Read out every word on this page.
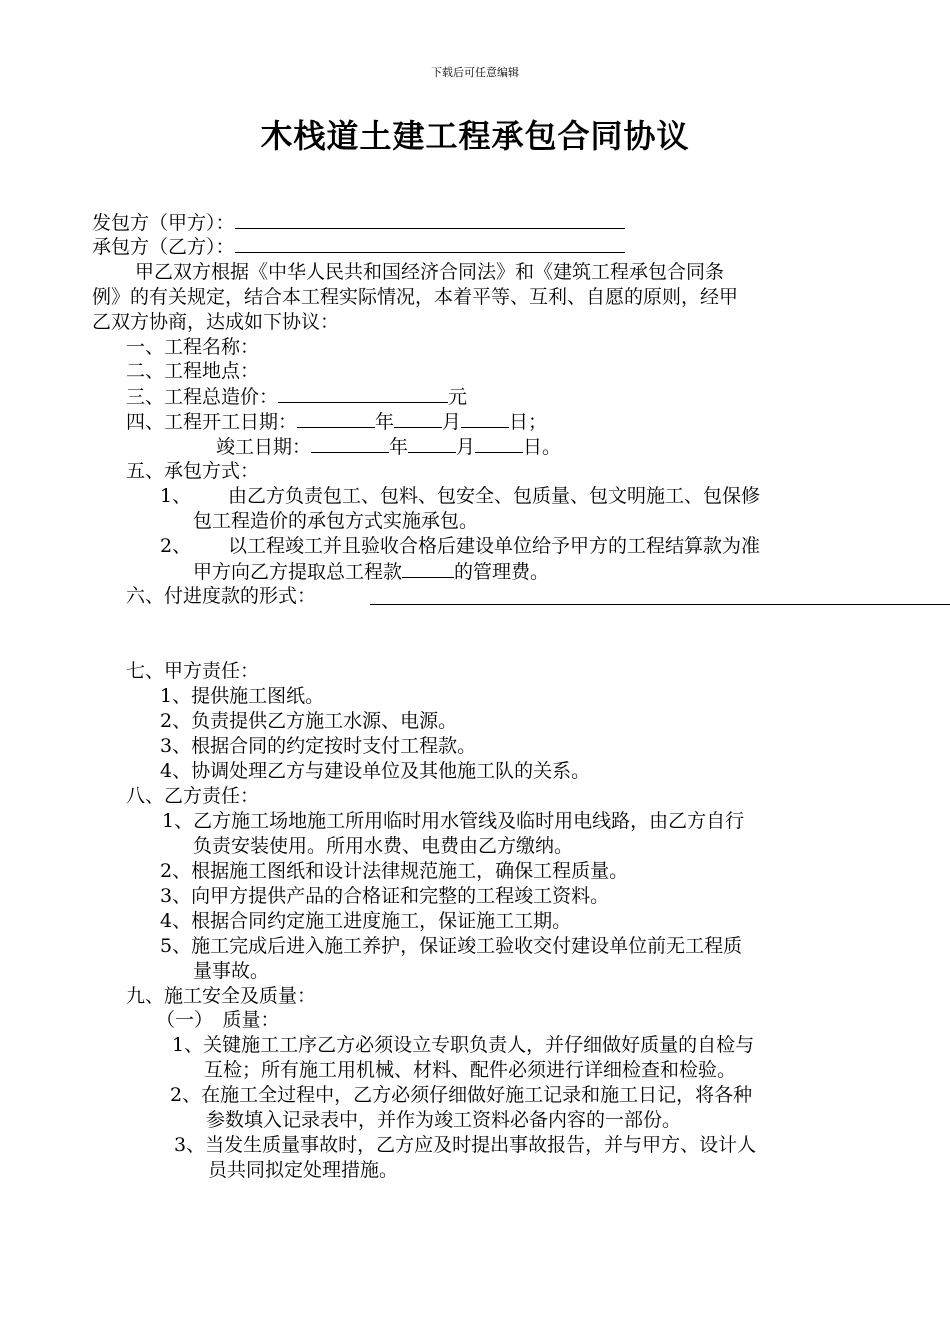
下载后可任意编辑
木栈道土建工程承包合同协议
发包方（甲方）：
承包方（乙方）：
甲乙双方根据《中华人民共和国经济合同法》和《建筑工程承包合同条
例》的有关规定，结合本工程实际情况，本着平等、互利、自愿的原则，经甲
乙双方协商，达成如下协议：
一、工程名称：
二、工程地点：
三、工程总造价：	元
四、工程开工日期：	年	月	日；
竣工日期：	年	月	日。
五、承包方式：
1、 由乙方负责包工、包料、包安全、包质量、包文明施工、包保修
包工程造价的承包方式实施承包。
2、 以工程竣工并且验收合格后建设单位给予甲方的工程结算款为准
甲方向乙方提取总工程款	的管理费。
六、付进度款的形式：
七、甲方责任：
1、提供施工图纸。
2、负责提供乙方施工水源、电源。
3、根据合同的约定按时支付工程款。
4、协调处理乙方与建设单位及其他施工队的关系。
八、乙方责任：
1、乙方施工场地施工所用临时用水管线及临时用电线路，由乙方自行
负责安装使用。所用水费、电费由乙方缴纳。
2、根据施工图纸和设计法律规范施工，确保工程质量。
3、向甲方提供产品的合格证和完整的工程竣工资料。
4、根据合同约定施工进度施工，保证施工工期。
5、施工完成后进入施工养护，保证竣工验收交付建设单位前无工程质
量事故。
九、施工安全及质量：
（一）　质量：
1、关键施工工序乙方必须设立专职负责人，并仔细做好质量的自检与
互检；所有施工用机械、材料、配件必须进行详细检查和检验。
2、在施工全过程中，乙方必须仔细做好施工记录和施工日记，将各种
参数填入记录表中，并作为竣工资料必备内容的一部份。
3、当发生质量事故时，乙方应及时提出事故报告，并与甲方、设计人
员共同拟定处理措施。
